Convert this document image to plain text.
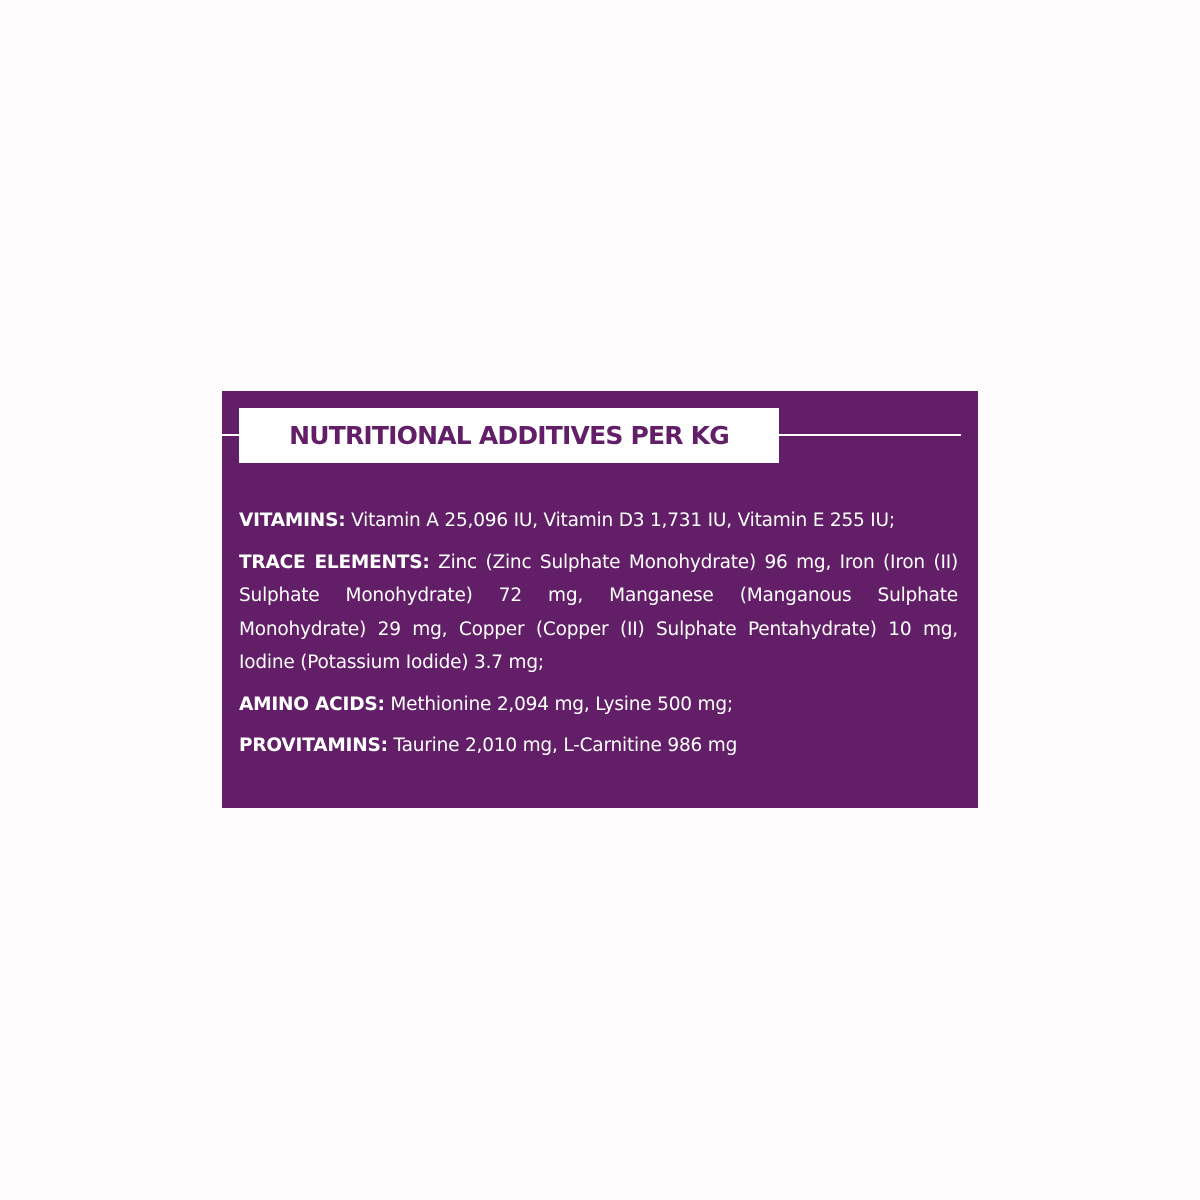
NUTRITIONAL ADDITIVES PER KG

VITAMINS: Vitamin A 25,096 IU, Vitamin D3 1,731 IU, Vitamin E 255 IU;

TRACE ELEMENTS: Zinc (Zinc Sulphate Monohydrate) 96 mg, Iron (Iron (II) Sulphate Monohydrate) 72 mg, Manganese (Manganous Sulphate Monohydrate) 29 mg, Copper (Copper (II) Sulphate Pentahydrate) 10 mg, Iodine (Potassium Iodide) 3.7 mg;

AMINO ACIDS: Methionine 2,094 mg, Lysine 500 mg;

PROVITAMINS: Taurine 2,010 mg, L-Carnitine 986 mg
